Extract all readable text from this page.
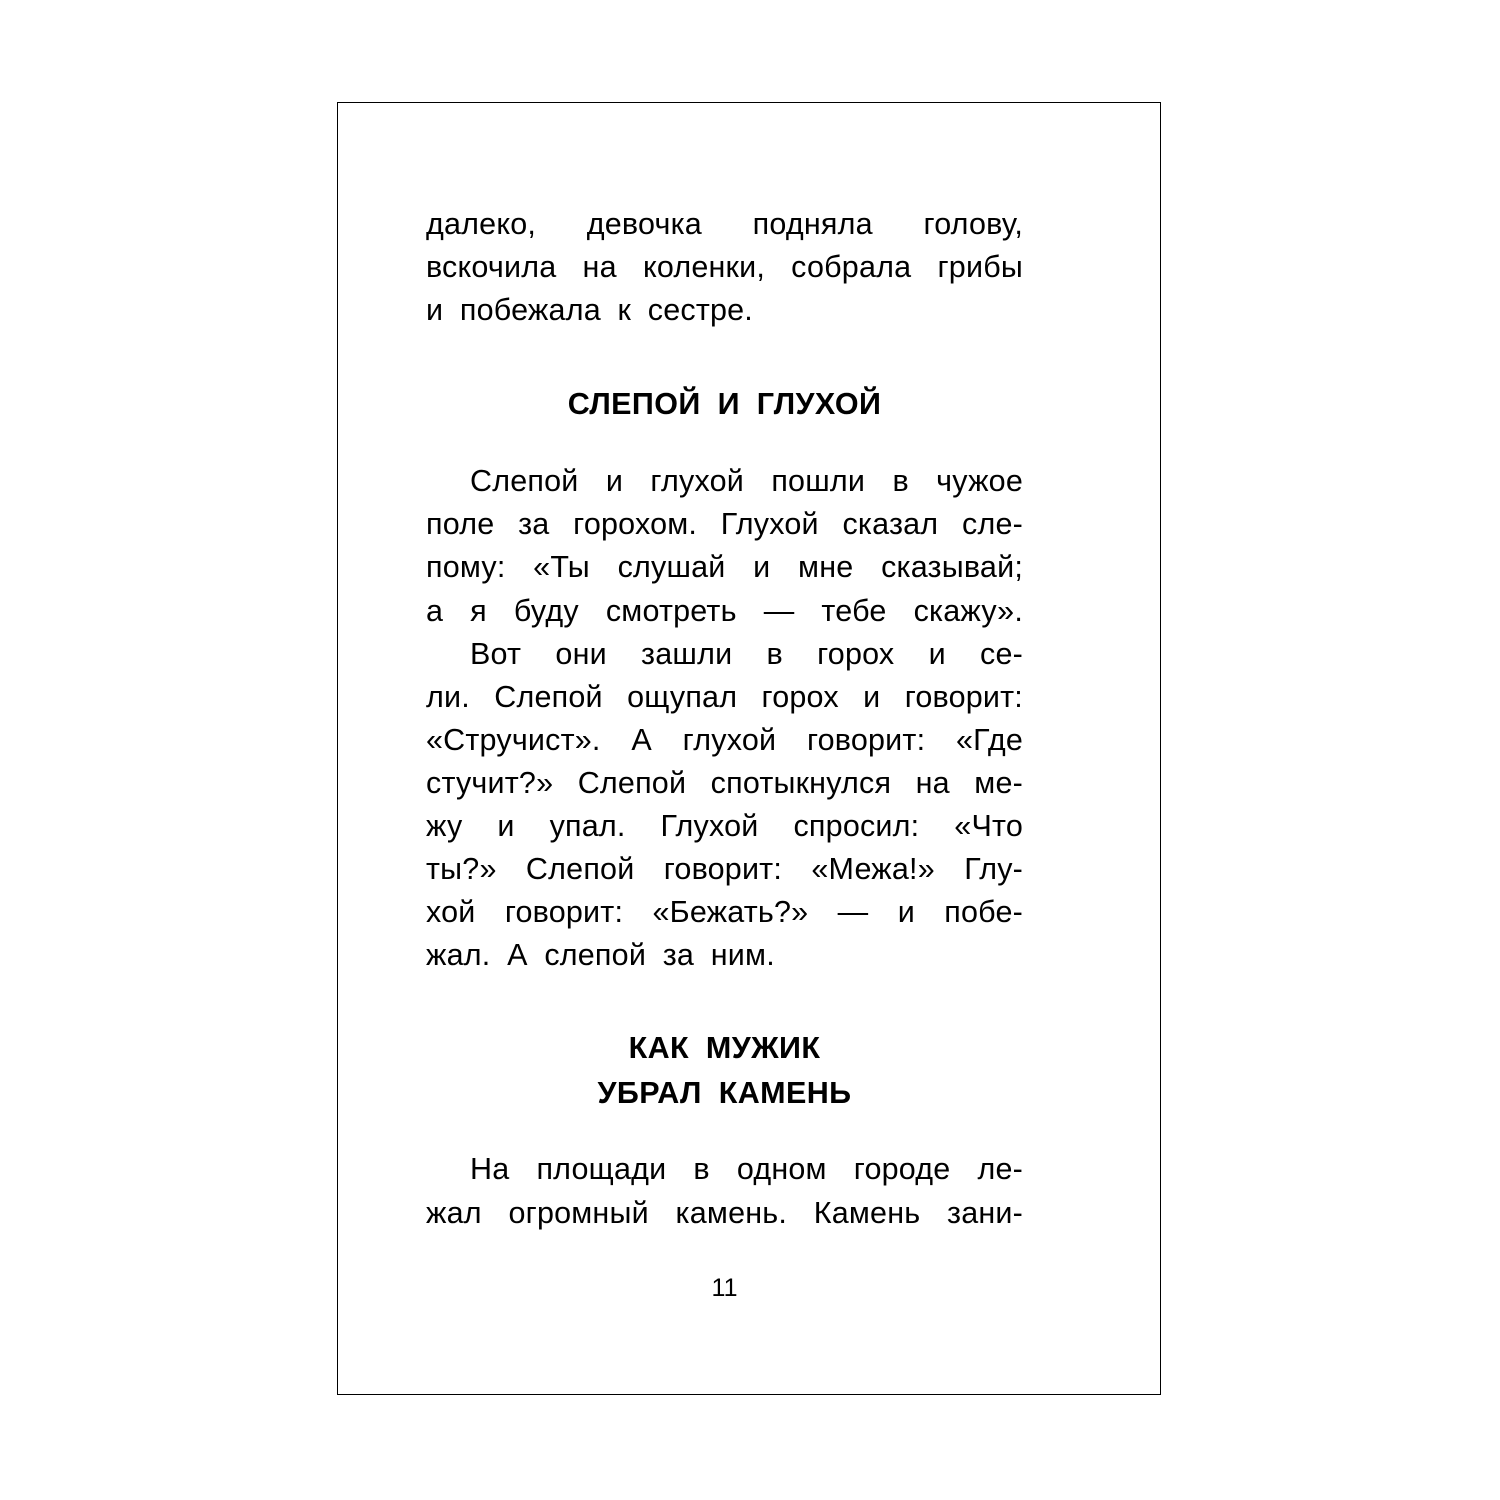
далеко, девочка подняла голову,
вскочила на коленки, собрала грибы
и побежала к сестре.
СЛЕПОЙ И ГЛУХОЙ
Слепой и глухой пошли в чужое
поле за горохом. Глухой сказал сле-
пому: «Ты слушай и мне сказывай;
а я буду смотреть — тебе скажу».
Вот они зашли в горох и се-
ли. Слепой ощупал горох и говорит:
«Стручист». А глухой говорит: «Где
стучит?» Слепой спотыкнулся на ме-
жу и упал. Глухой спросил: «Что
ты?» Слепой говорит: «Межа!» Глу-
хой говорит: «Бежать?» — и побе-
жал. А слепой за ним.
КАК МУЖИК
УБРАЛ КАМЕНЬ
На площади в одном городе ле-
жал огромный камень. Камень зани-
11
